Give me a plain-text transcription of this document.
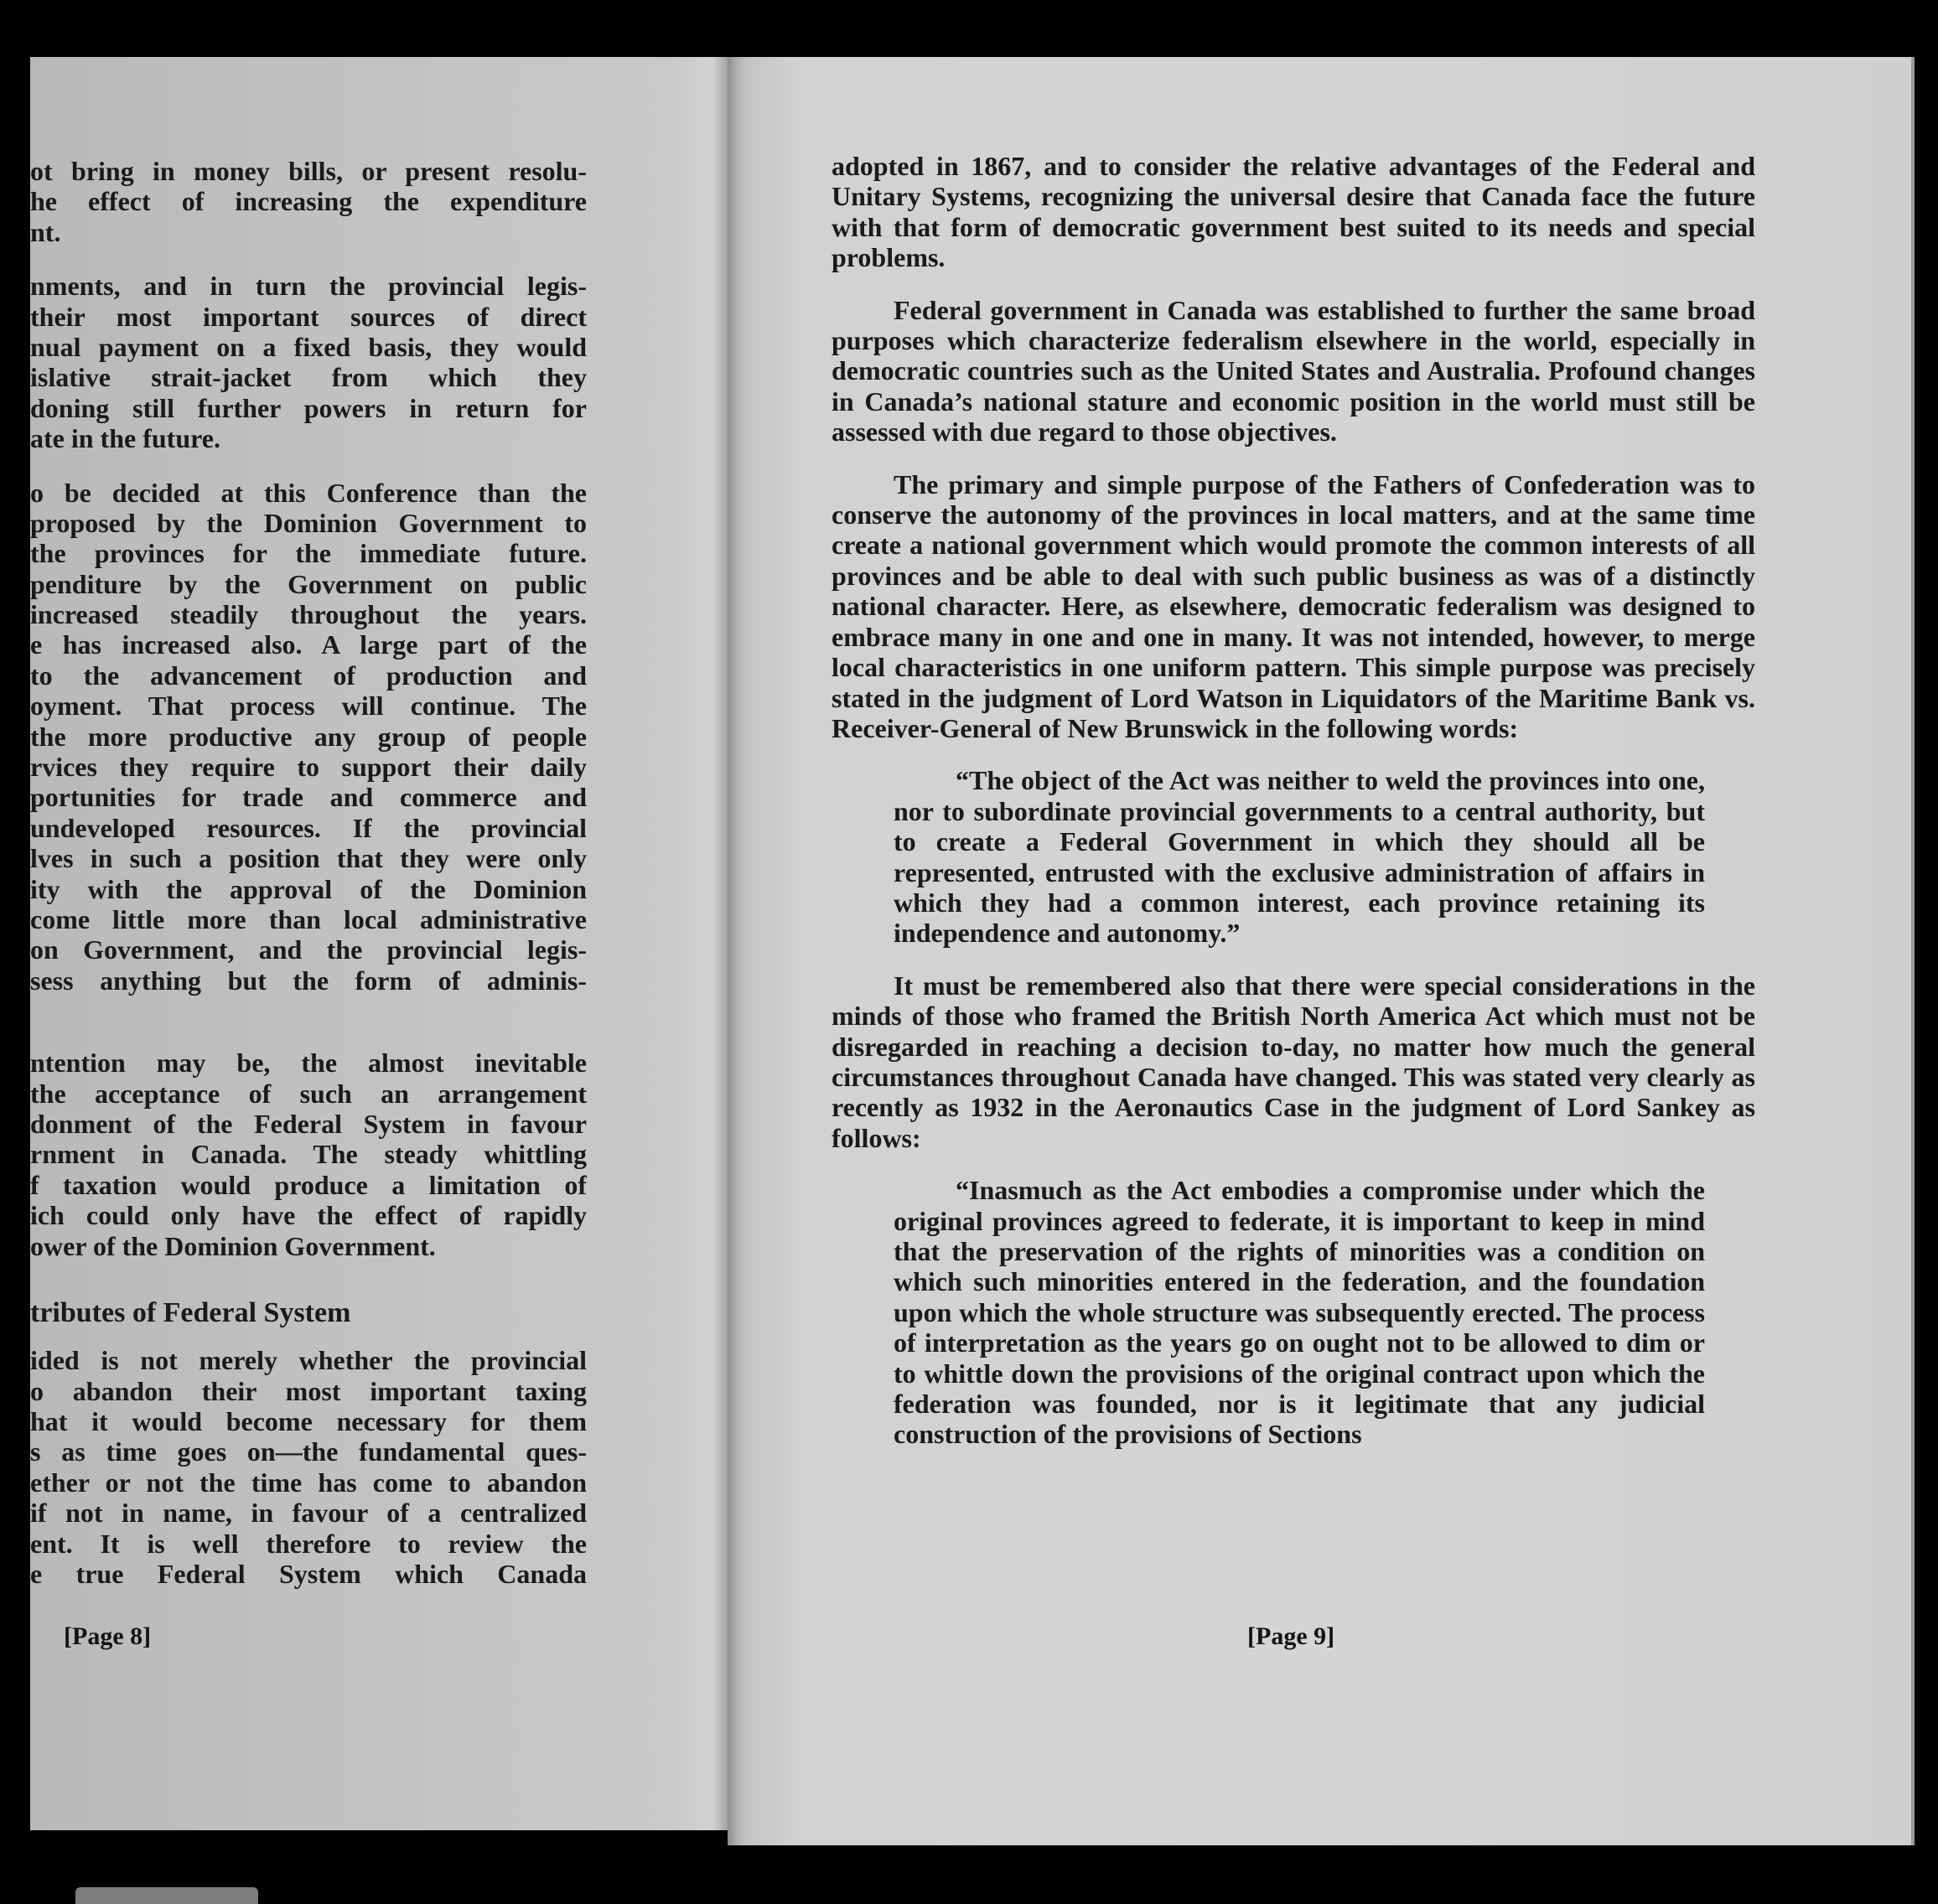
ot bring in money bills, or present resolu-
he effect of increasing the expenditure
nt.
nments, and in turn the provincial legis-
their most important sources of direct
nual payment on a fixed basis, they would
islative strait-jacket from which they
doning still further powers in return for
ate in the future.
o be decided at this Conference than the
proposed by the Dominion Government to
the provinces for the immediate future.
penditure by the Government on public
increased steadily throughout the years.
e has increased also. A large part of the
to the advancement of production and
oyment. That process will continue. The
the more productive any group of people
rvices they require to support their daily
portunities for trade and commerce and
undeveloped resources. If the provincial
lves in such a position that they were only
ity with the approval of the Dominion
come little more than local administrative
on Government, and the provincial legis-
sess anything but the form of adminis-
ntention may be, the almost inevitable
the acceptance of such an arrangement
donment of the Federal System in favour
rnment in Canada. The steady whittling
f taxation would produce a limitation of
ich could only have the effect of rapidly
ower of the Dominion Government.
tributes of Federal System
ided is not merely whether the provincial
o abandon their most important taxing
hat it would become necessary for them
s as time goes on—the fundamental ques-
ether or not the time has come to abandon
if not in name, in favour of a centralized
ent. It is well therefore to review the
e true Federal System which Canada
[Page 8]

adopted in 1867, and to consider the relative advantages of the Federal and Unitary Systems, recognizing the universal desire that Canada face the future with that form of democratic government best suited to its needs and special problems.

Federal government in Canada was established to further the same broad purposes which characterize federalism elsewhere in the world, especially in democratic countries such as the United States and Australia. Profound changes in Canada’s national stature and economic position in the world must still be assessed with due regard to those objectives.

The primary and simple purpose of the Fathers of Confederation was to conserve the autonomy of the provinces in local matters, and at the same time create a national government which would promote the common interests of all provinces and be able to deal with such public business as was of a distinctly national character. Here, as elsewhere, democratic federalism was designed to embrace many in one and one in many. It was not intended, however, to merge local characteristics in one uniform pattern. This simple purpose was precisely stated in the judgment of Lord Watson in Liquidators of the Maritime Bank vs. Receiver-General of New Brunswick in the following words:

“The object of the Act was neither to weld the provinces into one, nor to subordinate provincial governments to a central authority, but to create a Federal Government in which they should all be represented, entrusted with the exclusive administration of affairs in which they had a common interest, each province retaining its independence and autonomy.”

It must be remembered also that there were special considerations in the minds of those who framed the British North America Act which must not be disregarded in reaching a decision to-day, no matter how much the general circumstances throughout Canada have changed. This was stated very clearly as recently as 1932 in the Aeronautics Case in the judgment of Lord Sankey as follows:

“Inasmuch as the Act embodies a compromise under which the original provinces agreed to federate, it is important to keep in mind that the preservation of the rights of minorities was a condition on which such minorities entered in the federation, and the foundation upon which the whole structure was subsequently erected. The process of interpretation as the years go on ought not to be allowed to dim or to whittle down the provisions of the original contract upon which the federation was founded, nor is it legitimate that any judicial construction of the provisions of Sections
[Page 9]
